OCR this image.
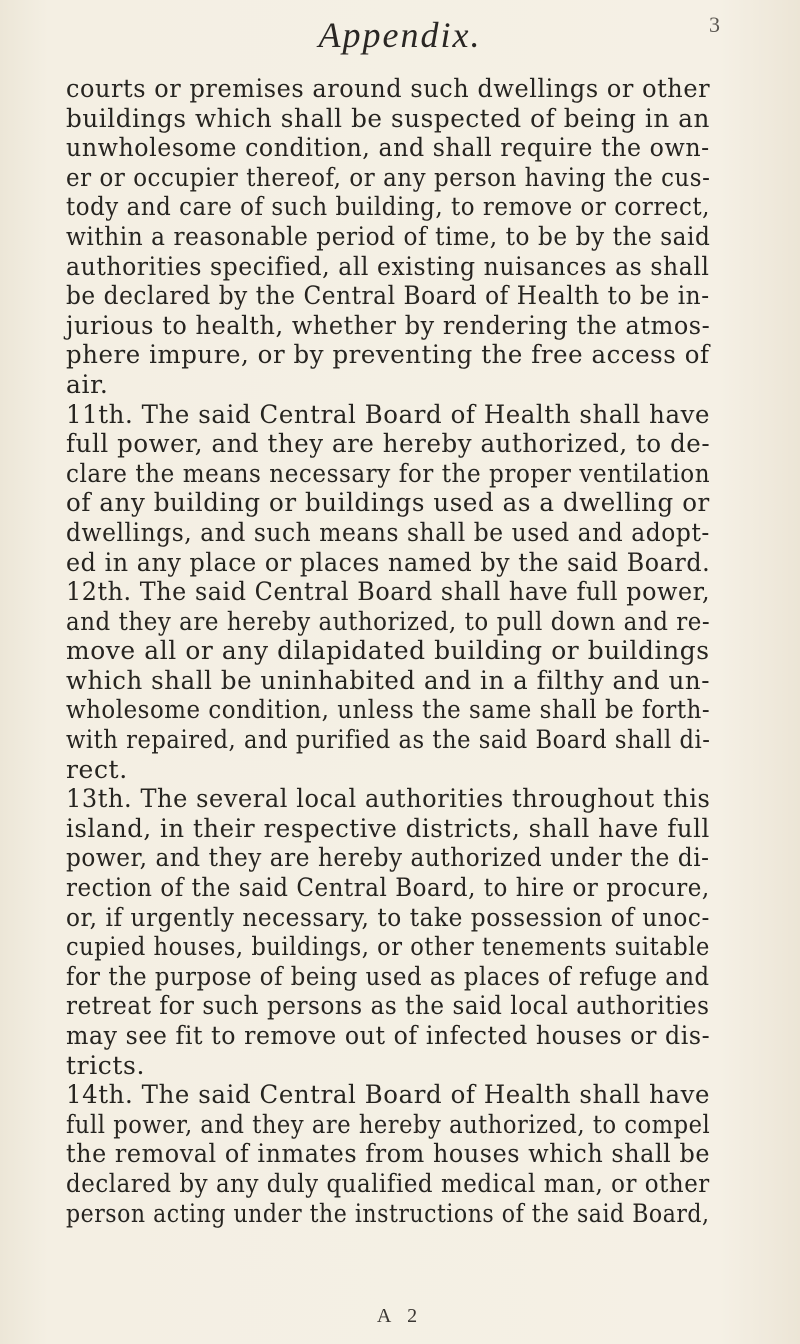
Appendix.	3
courts or premises around such dwellings or other
buildings which shall be suspected of being in an
unwholesome condition, and shall require the own-
er or occupier thereof, or any person having the cus-
tody and care of such building, to remove or correct,
within a reasonable period of time, to be by the said
authorities specified, all existing nuisances as shall
be declared by the Central Board of Health to be in-
jurious to health, whether by rendering the atmos-
phere impure, or by preventing the free access of
air.
11th. The said Central Board of Health shall have
full power, and they are hereby authorized, to de-
clare the means necessary for the proper ventilation
of any building or buildings used as a dwelling or
dwellings, and such means shall be used and adopt-
ed in any place or places named by the said Board.
12th. The said Central Board shall have full power,
and they are hereby authorized, to pull down and re-
move all or any dilapidated building or buildings
which shall be uninhabited and in a filthy and un-
wholesome condition, unless the same shall be forth-
with repaired, and purified as the said Board shall di-
rect.
13th. The several local authorities throughout this
island, in their respective districts, shall have full
power, and they are hereby authorized under the di-
rection of the said Central Board, to hire or procure,
or, if urgently necessary, to take possession of unoc-
cupied houses, buildings, or other tenements suitable
for the purpose of being used as places of refuge and
retreat for such persons as the said local authorities
may see fit to remove out of infected houses or dis-
tricts.
14th. The said Central Board of Health shall have
full power, and they are hereby authorized, to compel
the removal of inmates from houses which shall be
declared by any duly qualified medical man, or other
person acting under the instructions of the said Board,
A 2
